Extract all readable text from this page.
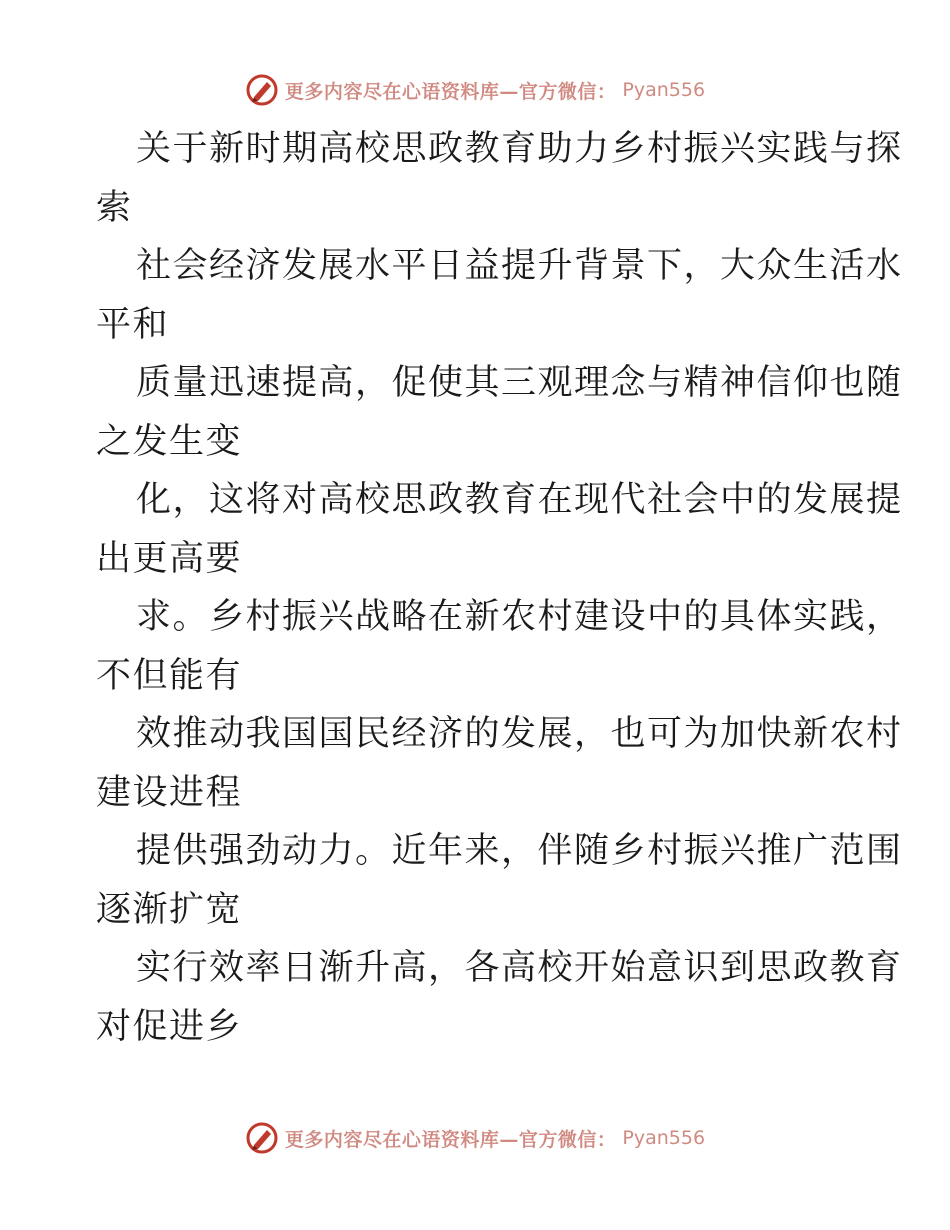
更多内容尽在心语资料库—官方微信： Pyan556
关于新时期高校思政教育助力乡村振兴实践与探
索
社会经济发展水平日益提升背景下，大众生活水
平和
质量迅速提高，促使其三观理念与精神信仰也随
之发生变
化，这将对高校思政教育在现代社会中的发展提
出更高要
求。乡村振兴战略在新农村建设中的具体实践，
不但能有
效推动我国国民经济的发展，也可为加快新农村
建设进程
提供强劲动力。近年来，伴随乡村振兴推广范围
逐渐扩宽
实行效率日渐升高，各高校开始意识到思政教育
对促进乡
更多内容尽在心语资料库—官方微信： Pyan556
